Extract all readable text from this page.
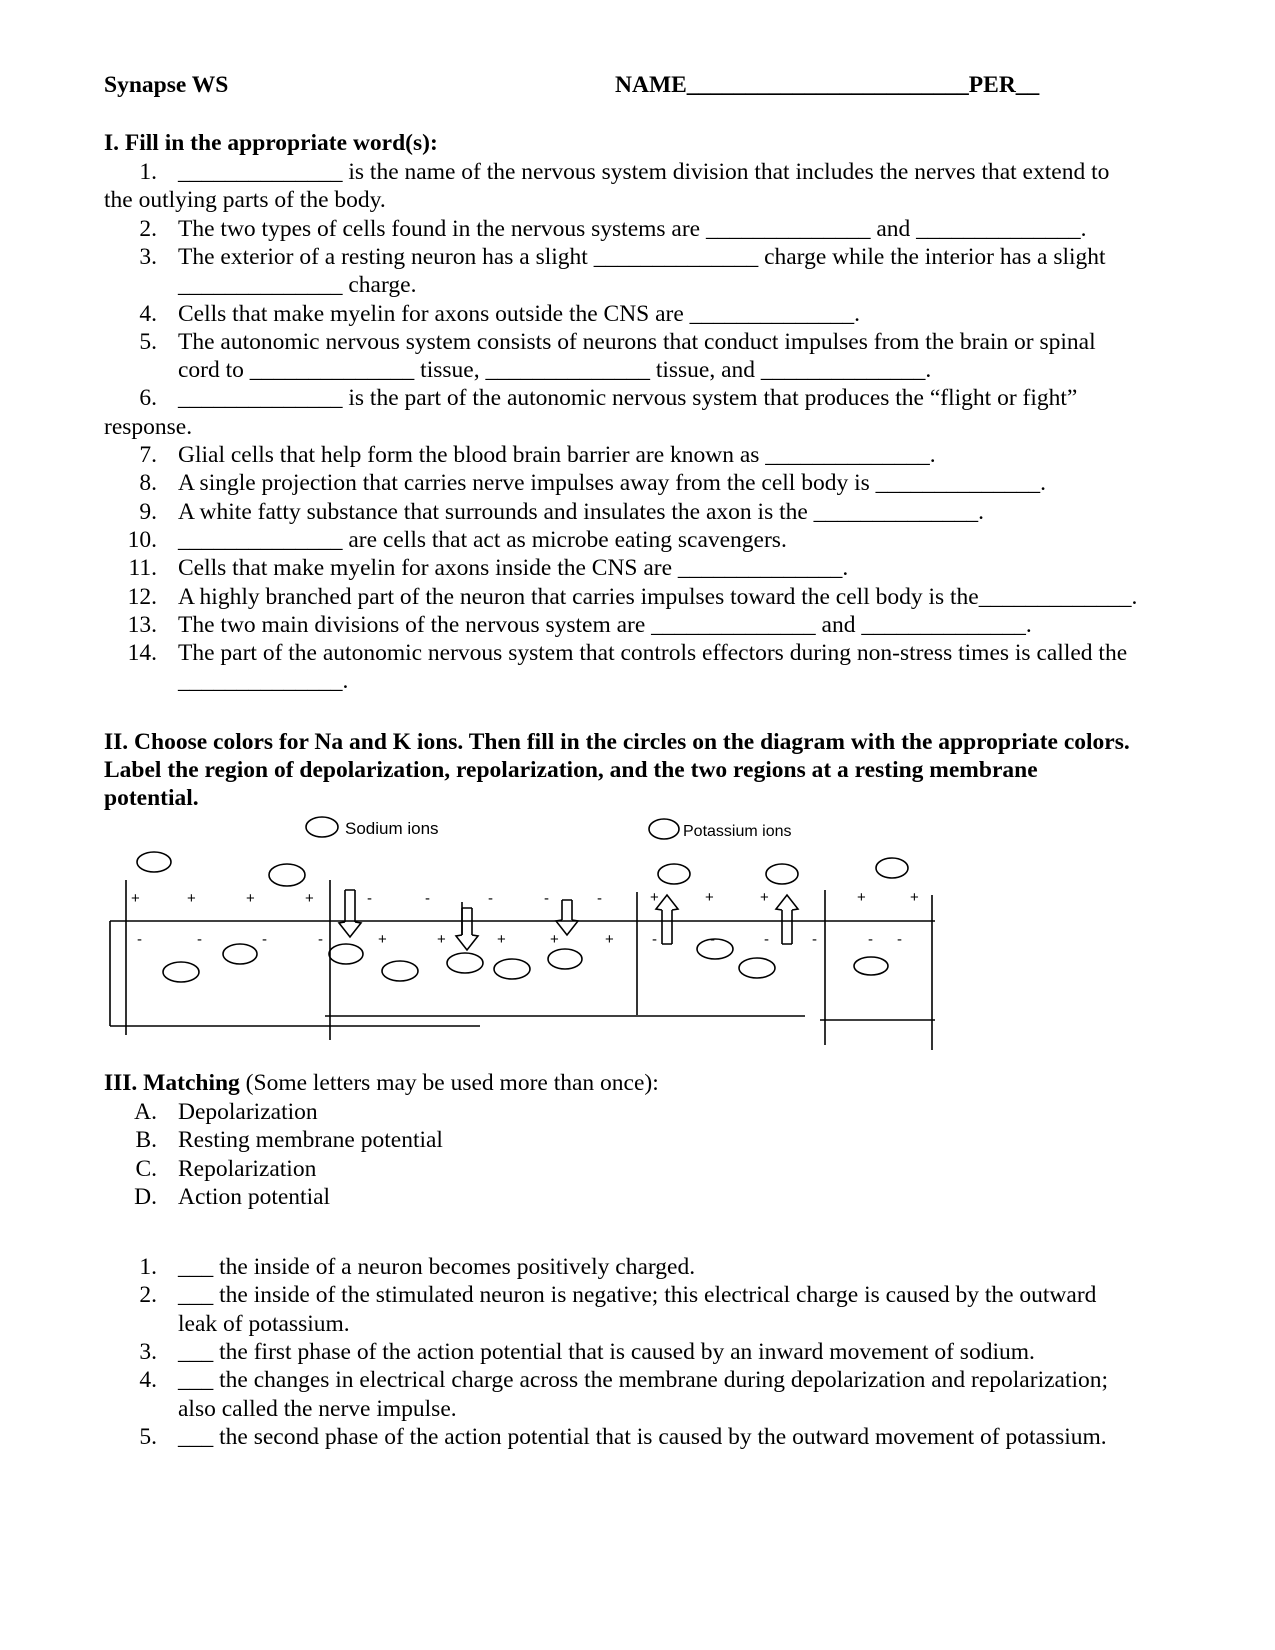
Synapse WS	NAME________________________PER__
I. Fill in the appropriate word(s):
1. ______________ is the name of the nervous system division that includes the nerves that extend to
the outlying parts of the body.
2. The two types of cells found in the nervous systems are ______________ and ______________.
3. The exterior of a resting neuron has a slight ______________ charge while the interior has a slight
______________ charge.
4. Cells that make myelin for axons outside the CNS are ______________.
5. The autonomic nervous system consists of neurons that conduct impulses from the brain or spinal
cord to ______________ tissue, ______________ tissue, and ______________.
6. ______________ is the part of the autonomic nervous system that produces the “flight or fight”
response.
7. Glial cells that help form the blood brain barrier are known as ______________.
8. A single projection that carries nerve impulses away from the cell body is ______________.
9. A white fatty substance that surrounds and insulates the axon is the ______________.
10. ______________ are cells that act as microbe eating scavengers.
11. Cells that make myelin for axons inside the CNS are ______________.
12. A highly branched part of the neuron that carries impulses toward the cell body is the_____________.
13. The two main divisions of the nervous system are ______________ and ______________.
14. The part of the autonomic nervous system that controls effectors during non-stress times is called the
______________.
II. Choose colors for Na and K ions. Then fill in the circles on the diagram with the appropriate colors.
Label the region of depolarization, repolarization, and the two regions at a resting membrane
potential.
Sodium ions	Potassium ions
+	+	+	+	-	-	-	-	-	+	+	+	+	+
-	-	-	-	+	+	+	+	+	-	-	-	-	- -
III. Matching (Some letters may be used more than once):
A. Depolarization
B. Resting membrane potential
C. Repolarization
D. Action potential
1. ___ the inside of a neuron becomes positively charged.
2. ___ the inside of the stimulated neuron is negative; this electrical charge is caused by the outward
leak of potassium.
3. ___ the first phase of the action potential that is caused by an inward movement of sodium.
4. ___ the changes in electrical charge across the membrane during depolarization and repolarization;
also called the nerve impulse.
5. ___ the second phase of the action potential that is caused by the outward movement of potassium.
